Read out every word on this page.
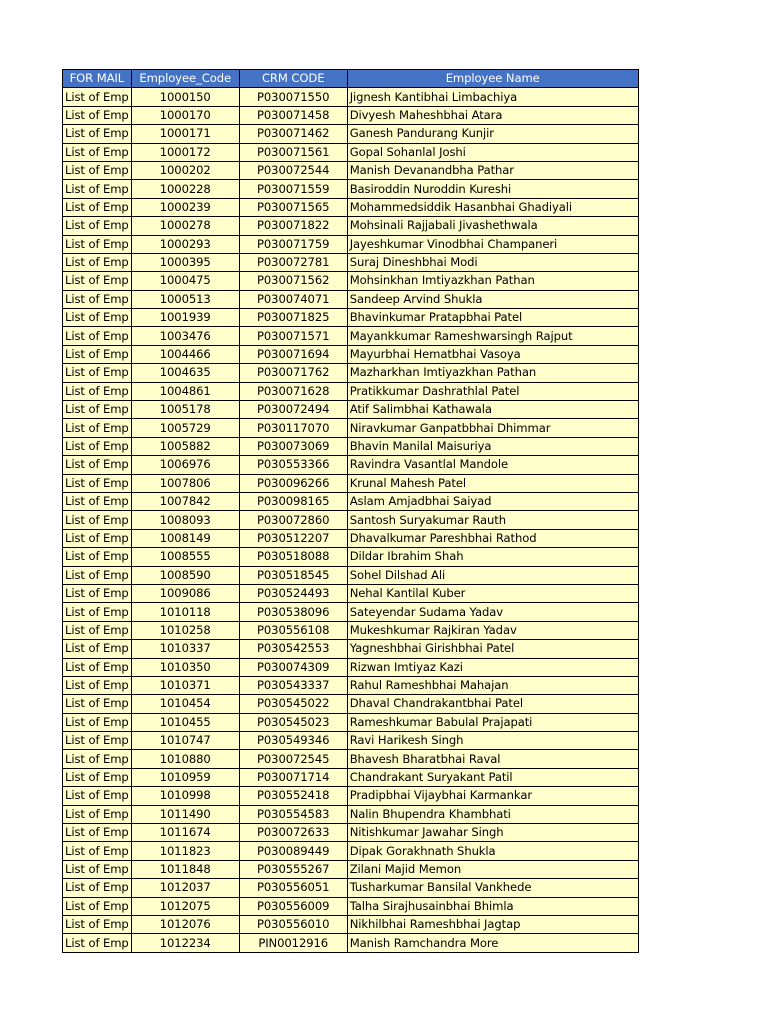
FOR MAIL	Employee_Code	CRM CODE	Employee Name
List of Emp	1000150	P030071550	Jignesh Kantibhai Limbachiya
List of Emp	1000170	P030071458	Divyesh Maheshbhai Atara
List of Emp	1000171	P030071462	Ganesh Pandurang Kunjir
List of Emp	1000172	P030071561	Gopal Sohanlal Joshi
List of Emp	1000202	P030072544	Manish Devanandbha Pathar
List of Emp	1000228	P030071559	Basiroddin Nuroddin Kureshi
List of Emp	1000239	P030071565	Mohammedsiddik Hasanbhai Ghadiyali
List of Emp	1000278	P030071822	Mohsinali Rajjabali Jivashethwala
List of Emp	1000293	P030071759	Jayeshkumar Vinodbhai Champaneri
List of Emp	1000395	P030072781	Suraj Dineshbhai Modi
List of Emp	1000475	P030071562	Mohsinkhan Imtiyazkhan Pathan
List of Emp	1000513	P030074071	Sandeep Arvind Shukla
List of Emp	1001939	P030071825	Bhavinkumar Pratapbhai Patel
List of Emp	1003476	P030071571	Mayankkumar Rameshwarsingh Rajput
List of Emp	1004466	P030071694	Mayurbhai Hematbhai Vasoya
List of Emp	1004635	P030071762	Mazharkhan Imtiyazkhan Pathan
List of Emp	1004861	P030071628	Pratikkumar Dashrathlal Patel
List of Emp	1005178	P030072494	Atif Salimbhai Kathawala
List of Emp	1005729	P030117070	Niravkumar Ganpatbbhai Dhimmar
List of Emp	1005882	P030073069	Bhavin Manilal Maisuriya
List of Emp	1006976	P030553366	Ravindra Vasantlal Mandole
List of Emp	1007806	P030096266	Krunal Mahesh Patel
List of Emp	1007842	P030098165	Aslam Amjadbhai Saiyad
List of Emp	1008093	P030072860	Santosh Suryakumar Rauth
List of Emp	1008149	P030512207	Dhavalkumar Pareshbhai Rathod
List of Emp	1008555	P030518088	Dildar Ibrahim Shah
List of Emp	1008590	P030518545	Sohel Dilshad Ali
List of Emp	1009086	P030524493	Nehal Kantilal Kuber
List of Emp	1010118	P030538096	Sateyendar Sudama Yadav
List of Emp	1010258	P030556108	Mukeshkumar Rajkiran Yadav
List of Emp	1010337	P030542553	Yagneshbhai Girishbhai Patel
List of Emp	1010350	P030074309	Rizwan Imtiyaz Kazi
List of Emp	1010371	P030543337	Rahul Rameshbhai Mahajan
List of Emp	1010454	P030545022	Dhaval Chandrakantbhai Patel
List of Emp	1010455	P030545023	Rameshkumar Babulal Prajapati
List of Emp	1010747	P030549346	Ravi Harikesh Singh
List of Emp	1010880	P030072545	Bhavesh Bharatbhai Raval
List of Emp	1010959	P030071714	Chandrakant Suryakant Patil
List of Emp	1010998	P030552418	Pradipbhai Vijaybhai Karmankar
List of Emp	1011490	P030554583	Nalin Bhupendra Khambhati
List of Emp	1011674	P030072633	Nitishkumar Jawahar Singh
List of Emp	1011823	P030089449	Dipak Gorakhnath Shukla
List of Emp	1011848	P030555267	Zilani Majid Memon
List of Emp	1012037	P030556051	Tusharkumar Bansilal Vankhede
List of Emp	1012075	P030556009	Talha Sirajhusainbhai Bhimla
List of Emp	1012076	P030556010	Nikhilbhai Rameshbhai Jagtap
List of Emp	1012234	PIN0012916	Manish Ramchandra More
